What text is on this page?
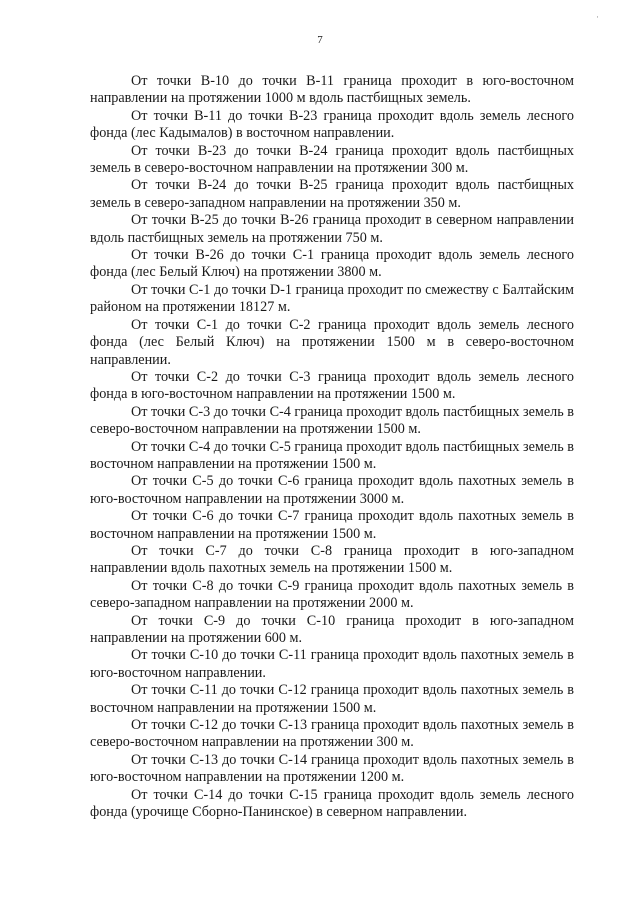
·
7

От точки В-10 до точки В-11 граница проходит в юго-восточном направлении на протяжении 1000 м вдоль пастбищных земель.

От точки В-11 до точки В-23 граница проходит вдоль земель лесного фонда (лес Кадымалов) в восточном направлении.

От точки В-23 до точки В-24 граница проходит вдоль пастбищных земель в северо-восточном направлении на протяжении 300 м.

От точки В-24 до точки В-25 граница проходит вдоль пастбищных земель в северо-западном направлении на протяжении 350 м.

От точки В-25 до точки В-26 граница проходит в северном направлении вдоль пастбищных земель на протяжении 750 м.

От точки В-26 до точки С-1 граница проходит вдоль земель лесного фонда (лес Белый Ключ) на протяжении 3800 м.

От точки С-1 до точки D-1 граница проходит по смежеству с Балтайским районом на протяжении 18127 м.

От точки С-1 до точки С-2 граница проходит вдоль земель лесного фонда (лес Белый Ключ) на протяжении 1500 м в северо-восточном направлении.

От точки С-2 до точки С-3 граница проходит вдоль земель лесного фонда в юго-восточном направлении на протяжении 1500 м.

От точки С-3 до точки С-4 граница проходит вдоль пастбищных земель в северо-восточном направлении на протяжении 1500 м.

От точки С-4 до точки С-5 граница проходит вдоль пастбищных земель в восточном направлении на протяжении 1500 м.

От точки С-5 до точки С-6 граница проходит вдоль пахотных земель в юго-восточном направлении на протяжении 3000 м.

От точки С-6 до точки С-7 граница проходит вдоль пахотных земель в восточном направлении на протяжении 1500 м.

От точки С-7 до точки С-8 граница проходит в юго-западном направлении вдоль пахотных земель на протяжении 1500 м.

От точки С-8 до точки С-9 граница проходит вдоль пахотных земель в северо-западном направлении на протяжении 2000 м.

От точки С-9 до точки С-10 граница проходит в юго-западном направлении на протяжении 600 м.

От точки С-10 до точки С-11 граница проходит вдоль пахотных земель в юго-восточном направлении.

От точки С-11 до точки С-12 граница проходит вдоль пахотных земель в восточном направлении на протяжении 1500 м.

От точки С-12 до точки С-13 граница проходит вдоль пахотных земель в северо-восточном направлении на протяжении 300 м.

От точки С-13 до точки С-14 граница проходит вдоль пахотных земель в юго-восточном направлении на протяжении 1200 м.

От точки С-14 до точки С-15 граница проходит вдоль земель лесного фонда (урочище Сборно-Панинское) в северном направлении.
